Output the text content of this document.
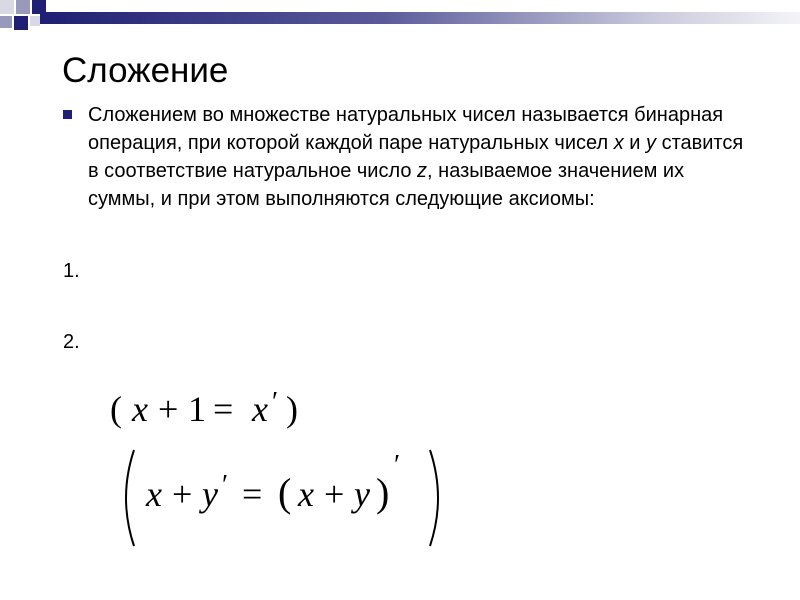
Сложение
Сложением во множестве натуральных чисел называется бинарная операция, при которой каждой паре натуральных чисел x и y ставится в соответствие натуральное число z, называемое значением их суммы, и при этом выполняются следующие аксиомы:
1.
2.
( x + 1 = x ′ )
x + y ′ = ( x + y )
′
